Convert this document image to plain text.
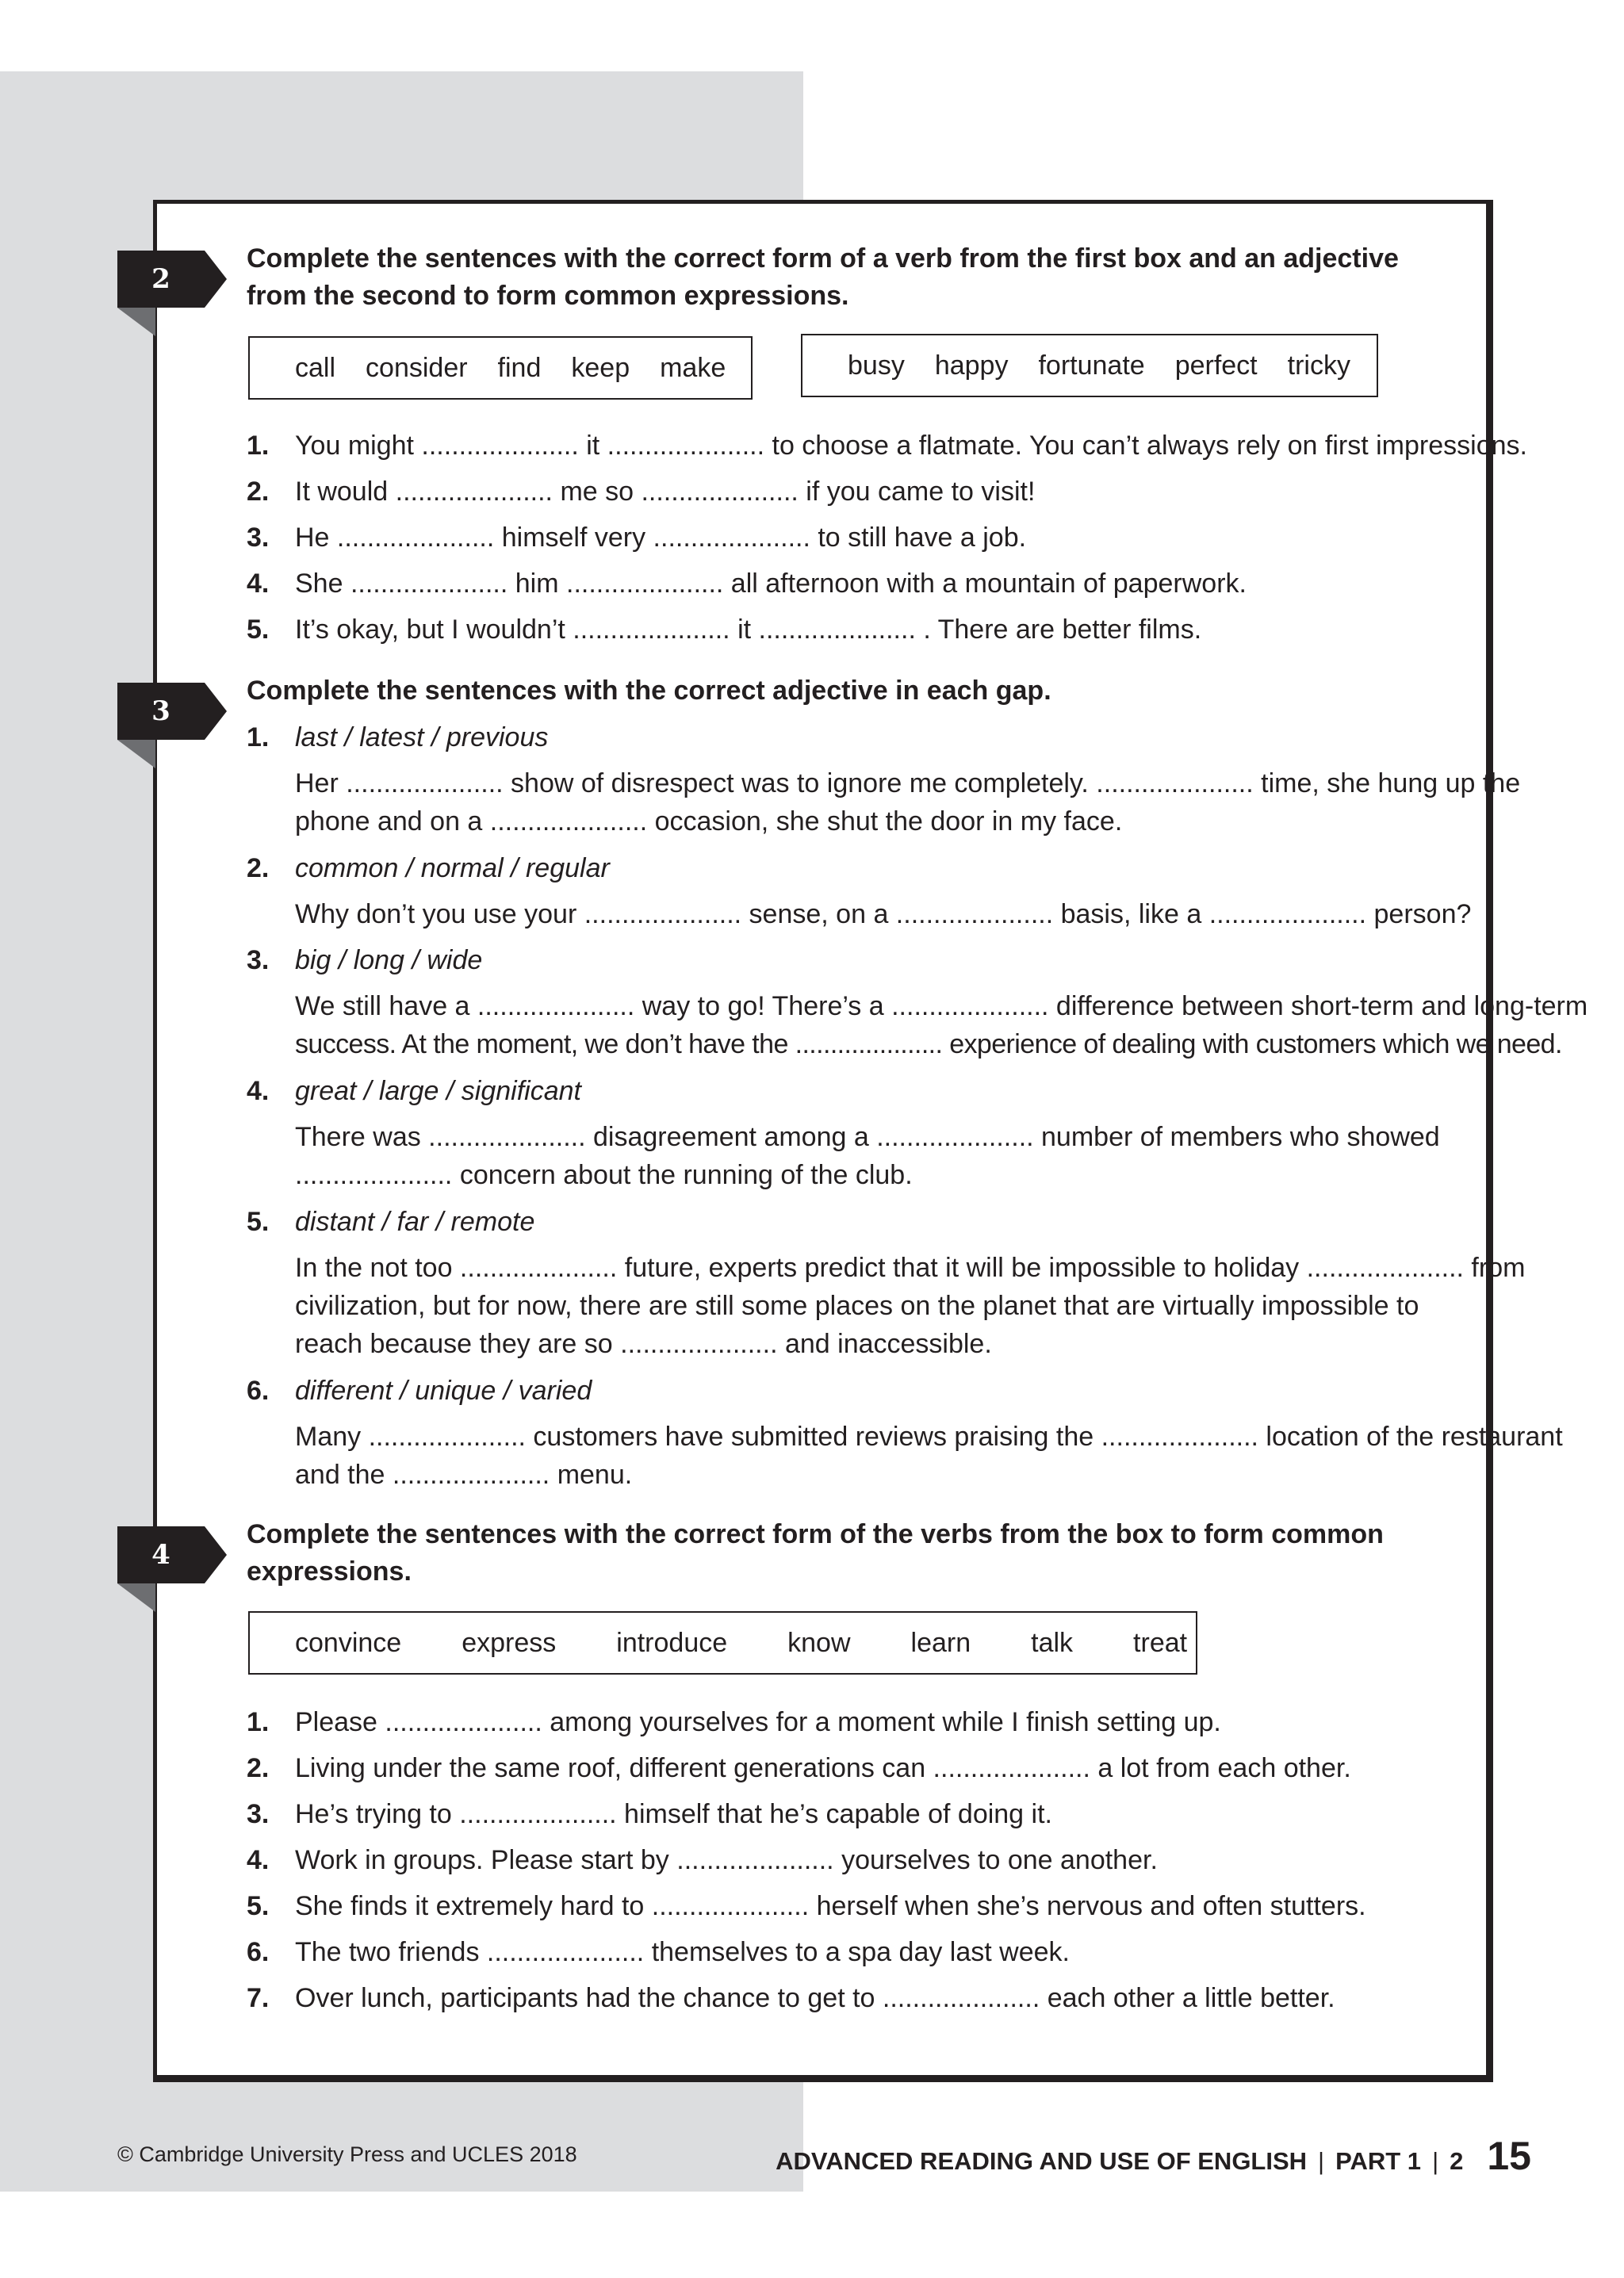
2
Complete the sentences with the correct form of a verb from the first box and an adjective
from the second to form common expressions.
call consider find keep make	busy happy fortunate perfect tricky
1. You might ..................... it ..................... to choose a flatmate. You can’t always rely on first impressions.
2. It would ..................... me so ..................... if you came to visit!
3. He ..................... himself very ..................... to still have a job.
4. She ..................... him ..................... all afternoon with a mountain of paperwork.
5. It’s okay, but I wouldn’t ..................... it ..................... . There are better films.
3
Complete the sentences with the correct adjective in each gap.
1. last / latest / previous
Her ..................... show of disrespect was to ignore me completely. ..................... time, she hung up the
phone and on a ..................... occasion, she shut the door in my face.
2. common / normal / regular
Why don’t you use your ..................... sense, on a ..................... basis, like a ..................... person?
3. big / long / wide
We still have a ..................... way to go! There’s a ..................... difference between short-term and long-term
success. At the moment, we don’t have the ..................... experience of dealing with customers which we need.
4. great / large / significant
There was ..................... disagreement among a ..................... number of members who showed
..................... concern about the running of the club.
5. distant / far / remote
In the not too ..................... future, experts predict that it will be impossible to holiday ..................... from
civilization, but for now, there are still some places on the planet that are virtually impossible to
reach because they are so ..................... and inaccessible.
6. different / unique / varied
Many ..................... customers have submitted reviews praising the ..................... location of the restaurant
and the ..................... menu.
4
Complete the sentences with the correct form of the verbs from the box to form common
expressions.
convince express introduce know learn talk treat
1. Please ..................... among yourselves for a moment while I finish setting up.
2. Living under the same roof, different generations can ..................... a lot from each other.
3. He’s trying to ..................... himself that he’s capable of doing it.
4. Work in groups. Please start by ..................... yourselves to one another.
5. She finds it extremely hard to ..................... herself when she’s nervous and often stutters.
6. The two friends ..................... themselves to a spa day last week.
7. Over lunch, participants had the chance to get to ..................... each other a little better.
© Cambridge University Press and UCLES 2018	ADVANCED READING AND USE OF ENGLISH | PART 1 | 2 15
